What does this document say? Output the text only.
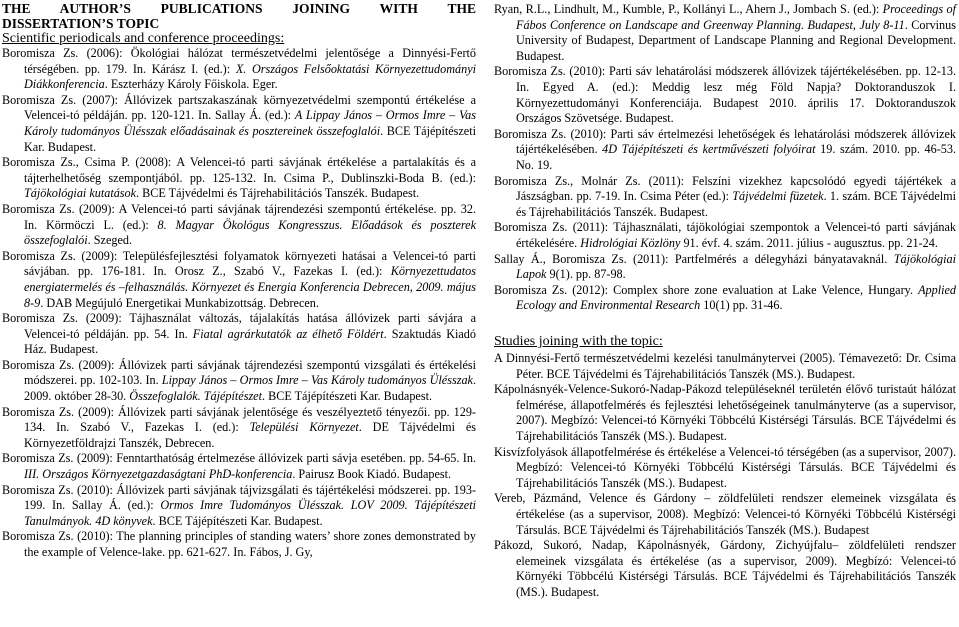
THE AUTHOR’S PUBLICATIONS JOINING WITH THE

DISSERTATION’S TOPIC

Scientific periodicals and conference proceedings:

Boromisza Zs. (2006): Ökológiai hálózat természetvédelmi jelentősége a Dinnyési-Fertő térségében. pp. 179. In. Kárász I. (ed.): X. Országos Felsőoktatási Környezettudományi Diákkonferencia. Eszterházy Károly Főiskola. Eger.

Boromisza Zs. (2007): Állóvizek partszakaszának környezetvédelmi szempontú értékelése a Velencei-tó példáján. pp. 120-121. In. Sallay Á. (ed.): A Lippay János – Ormos Imre – Vas Károly tudományos Ülésszak előadásainak és posztereinek összefoglalói. BCE Tájépítészeti Kar. Budapest.

Boromisza Zs., Csima P. (2008): A Velencei-tó parti sávjának értékelése a partalakítás és a tájterhelhetőség szempontjából. pp. 125-132. In. Csima P., Dublinszki-Boda B. (ed.): Tájökológiai kutatások. BCE Tájvédelmi és Tájrehabilitációs Tanszék. Budapest.

Boromisza Zs. (2009): A Velencei-tó parti sávjának tájrendezési szempontú értékelése. pp. 32. In. Körmöczi L. (ed.): 8. Magyar Ökológus Kongresszus. Előadások és poszterek összefoglalói. Szeged.

Boromisza Zs. (2009): Településfejlesztési folyamatok környezeti hatásai a Velencei-tó parti sávjában. pp. 176-181. In. Orosz Z., Szabó V., Fazekas I. (ed.): Környezettudatos energiatermelés és –felhasználás. Környezet és Energia Konferencia Debrecen, 2009. május 8-9. DAB Megújuló Energetikai Munkabizottság. Debrecen.

Boromisza Zs. (2009): Tájhasználat változás, tájalakítás hatása állóvizek parti sávjára a Velencei-tó példáján. pp. 54. In. Fiatal agrárkutatók az élhető Földért. Szaktudás Kiadó Ház. Budapest.

Boromisza Zs. (2009): Állóvizek parti sávjának tájrendezési szempontú vizsgálati és értékelési módszerei. pp. 102-103. In. Lippay János – Ormos Imre – Vas Károly tudományos Ülésszak. 2009. október 28-30. Összefoglalók. Tájépítészet. BCE Tájépítészeti Kar. Budapest.

Boromisza Zs. (2009): Állóvizek parti sávjának jelentősége és veszélyeztető tényezői. pp. 129-134. In. Szabó V., Fazekas I. (ed.): Települési Környezet. DE Tájvédelmi és Környezetföldrajzi Tanszék, Debrecen.

Boromisza Zs. (2009): Fenntarthatóság értelmezése állóvizek parti sávja esetében. pp. 54-65. In. III. Országos Környezetgazdaságtani PhD-konferencia. Pairusz Book Kiadó. Budapest.

Boromisza Zs. (2010): Állóvizek parti sávjának tájvizsgálati és tájértékelési módszerei. pp. 193-199. In. Sallay Á. (ed.): Ormos Imre Tudományos Ülésszak. LOV 2009. Tájépítészeti Tanulmányok. 4D könyvek. BCE Tájépítészeti Kar. Budapest.

Boromisza Zs. (2010): The planning principles of standing waters’ shore zones demonstrated by the example of Velence-lake. pp. 621-627. In. Fábos, J. Gy,

Ryan, R.L., Lindhult, M., Kumble, P., Kollányi L., Ahern J., Jombach S. (ed.): Proceedings of Fábos Conference on Landscape and Greenway Planning. Budapest, July 8-11. Corvinus University of Budapest, Department of Landscape Planning and Regional Development. Budapest.

Boromisza Zs. (2010): Parti sáv lehatárolási módszerek állóvizek tájértékelésében. pp. 12-13. In. Egyed A. (ed.): Meddig lesz még Föld Napja? Doktoranduszok I. Környezettudományi Konferenciája. Budapest 2010. április 17. Doktoranduszok Országos Szövetsége. Budapest.

Boromisza Zs. (2010): Parti sáv értelmezési lehetőségek és lehatárolási módszerek állóvizek tájértékelésében. 4D Tájépítészeti és kertművészeti folyóirat 19. szám. 2010. pp. 46-53. No. 19.

Boromisza Zs., Molnár Zs. (2011): Felszíni vizekhez kapcsolódó egyedi tájértékek a Jászságban. pp. 7-19. In. Csima Péter (ed.): Tájvédelmi füzetek. 1. szám. BCE Tájvédelmi és Tájrehabilitációs Tanszék. Budapest.

Boromisza Zs. (2011): Tájhasználati, tájökológiai szempontok a Velencei-tó parti sávjának értékelésére. Hidrológiai Közlöny 91. évf. 4. szám. 2011. július - augusztus. pp. 21-24.

Sallay Á., Boromisza Zs. (2011): Partfelmérés a délegyházi bányatavaknál. Tájökológiai Lapok 9(1). pp. 87-98.

Boromisza Zs. (2012): Complex shore zone evaluation at Lake Velence, Hungary. Applied Ecology and Environmental Research 10(1) pp. 31-46.

Studies joining with the topic:

A Dinnyési-Fertő természetvédelmi kezelési tanulmánytervei (2005). Témavezető: Dr. Csima Péter. BCE Tájvédelmi és Tájrehabilitációs Tanszék (MS.). Budapest.

Kápolnásnyék-Velence-Sukoró-Nadap-Pákozd településeknél területén élővő turistaút hálózat felmérése, állapotfelmérés és fejlesztési lehetőségeinek tanulmányterve (as a supervisor, 2007). Megbízó: Velencei-tó Környéki Többcélú Kistérségi Társulás. BCE Tájvédelmi és Tájrehabilitációs Tanszék (MS.). Budapest.

Kisvízfolyások állapotfelmérése és értékelése a Velencei-tó térségében (as a supervisor, 2007). Megbízó: Velencei-tó Környéki Többcélú Kistérségi Társulás. BCE Tájvédelmi és Tájrehabilitációs Tanszék (MS.). Budapest.

Vereb, Pázmánd, Velence és Gárdony – zöldfelületi rendszer elemeinek vizsgálata és értékelése (as a supervisor, 2008). Megbízó: Velencei-tó Környéki Többcélú Kistérségi Társulás. BCE Tájvédelmi és Tájrehabilitációs Tanszék (MS.). Budapest

Pákozd, Sukoró, Nadap, Kápolnásnyék, Gárdony, Zichyújfalu– zöldfelületi rendszer elemeinek vizsgálata és értékelése (as a supervisor, 2009). Megbízó: Velencei-tó Környéki Többcélú Kistérségi Társulás. BCE Tájvédelmi és Tájrehabilitációs Tanszék (MS.). Budapest.
